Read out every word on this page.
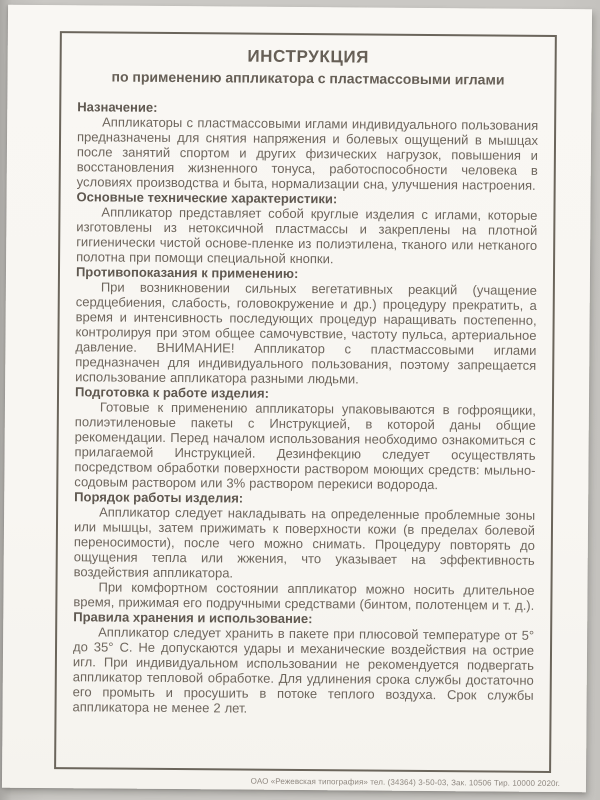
ИНСТРУКЦИЯ
по применению аппликатора с пластмассовыми иглами
Назначение:

Аппликаторы с пластмассовыми иглами индивидуального пользования предназначены для снятия напряжения и болевых ощущений в мышцах после занятий спортом и других физических нагрузок, повышения и восстановления жизненного тонуса, работоспособности человека в условиях производства и быта, нормализации сна, улучшения настроения.

Основные технические характеристики:

Аппликатор представляет собой круглые изделия с иглами, которые изготовлены из нетоксичной пластмассы и закреплены на плотной гигиенически чистой основе-пленке из полиэтилена, тканого или нетканого полотна при помощи специальной кнопки.

Противопоказания к применению:

При возникновении сильных вегетативных реакций (учащение сердцебиения, слабость, головокружение и др.) процедуру прекратить, а время и интенсивность последующих процедур наращивать постепенно, контролируя при этом общее самочувствие, частоту пульса, артериальное давление. ВНИМАНИЕ! Аппликатор с пластмассовыми иглами предназначен для индивидуального пользования, поэтому запрещается использование аппликатора разными людьми.

Подготовка к работе изделия:

Готовые к применению аппликаторы упаковываются в гофроящики, полиэтиленовые пакеты с Инструкцией, в которой даны общие рекомендации. Перед началом использования необходимо ознакомиться с прилагаемой Инструкцией. Дезинфекцию следует осуществлять посредством обработки поверхности раствором моющих средств: мыльно-содовым раствором или 3% раствором перекиси водорода.

Порядок работы изделия:

Аппликатор следует накладывать на определенные проблемные зоны или мышцы, затем прижимать к поверхности кожи (в пределах болевой переносимости), после чего можно снимать. Процедуру повторять до ощущения тепла или жжения, что указывает на эффективность воздействия аппликатора.

При комфортном состоянии аппликатор можно носить длительное время, прижимая его подручными средствами (бинтом, полотенцем и т. д.).

Правила хранения и использование:

Аппликатор следует хранить в пакете при плюсовой температуре от 5° до 35° С. Не допускаются удары и механические воздействия на острие игл. При индивидуальном использовании не рекомендуется подвергать аппликатор тепловой обработке. Для удлинения срока службы достаточно его промыть и просушить в потоке теплого воздуха. Срок службы аппликатора не менее 2 лет.

ОАО «Режевская типография» тел. (34364) 3-50-03, Зак. 10506 Тир. 10000 2020г.
